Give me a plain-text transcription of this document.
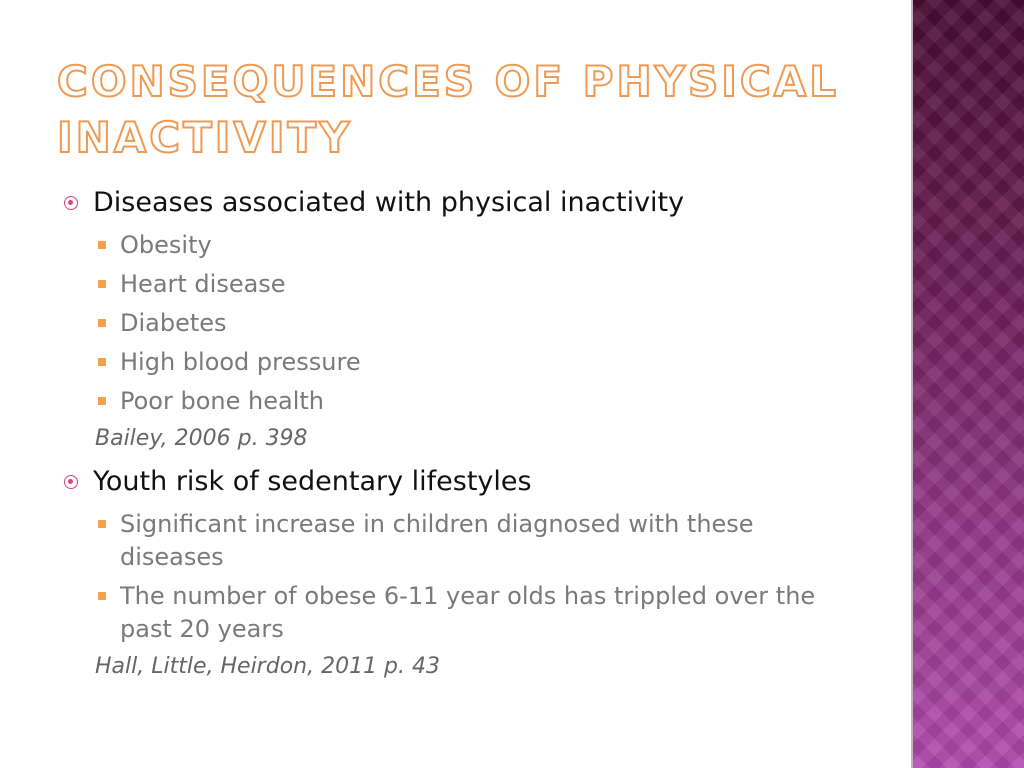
CONSEQUENCES OF PHYSICAL INACTIVITY
Diseases associated with physical inactivity
Obesity
Heart disease
Diabetes
High blood pressure
Poor bone health
Bailey, 2006 p. 398
Youth risk of sedentary lifestyles
Significant increase in children diagnosed with these diseases
The number of obese 6-11 year olds has trippled over the past 20 years
Hall, Little, Heirdon, 2011 p. 43
